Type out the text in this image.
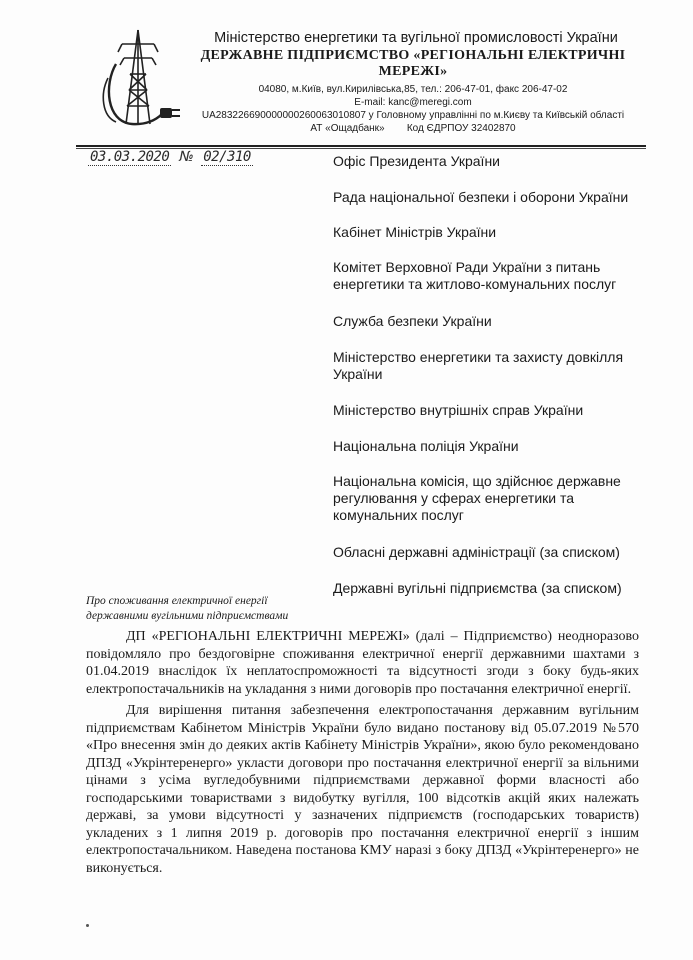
Міністерство енергетики та вугільної промисловості України
ДЕРЖАВНЕ ПІДПРИЄМСТВО «РЕГІОНАЛЬНІ ЕЛЕКТРИЧНІ МЕРЕЖІ»
04080, м.Київ, вул.Кирилівська,85, тел.: 206-47-01, факс 206-47-02
E-mail: kanc@meregi.com
UA283226690000000260063010807 у Головному управлінні по м.Києву та Київській області
АТ «Ощадбанк»        Код ЄДРПОУ 32402870
03.03.2020 № 02/310	Офіс Президента України
Рада національної безпеки і оборони України
Кабінет Міністрів України
Комітет Верховної Ради України з питань енергетики та житлово-комунальних послуг
Служба безпеки України
Міністерство енергетики та захисту довкілля України
Міністерство внутрішніх справ України
Національна поліція України
Національна комісія, що здійснює державне регулювання у сферах енергетики та комунальних послуг
Обласні державні адміністрації (за списком)
Державні вугільні підприємства (за списком)
Про споживання електричної енергії державними вугільними підприємствами

ДП «РЕГІОНАЛЬНІ ЕЛЕКТРИЧНІ МЕРЕЖІ» (далі – Підприємство) неодноразово повідомляло про бездоговірне споживання електричної енергії державними шахтами з 01.04.2019 внаслідок їх неплатоспроможності та відсутності згоди з боку будь-яких електропостачальників на укладання з ними договорів про постачання електричної енергії.

Для вирішення питання забезпечення електропостачання державним вугільним підприємствам Кабінетом Міністрів України було видано постанову від 05.07.2019 №570 «Про внесення змін до деяких актів Кабінету Міністрів України», якою було рекомендовано ДПЗД «Укрінтеренерго» укласти договори про постачання електричної енергії за вільними цінами з усіма вугледобувними підприємствами державної форми власності або господарськими товариствами з видобутку вугілля, 100 відсотків акцій яких належать державі, за умови відсутності у зазначених підприємств (господарських товариств) укладених з 1 липня 2019 р. договорів про постачання електричної енергії з іншим електропостачальником. Наведена постанова КМУ наразі з боку ДПЗД «Укрінтеренерго» не виконується.
